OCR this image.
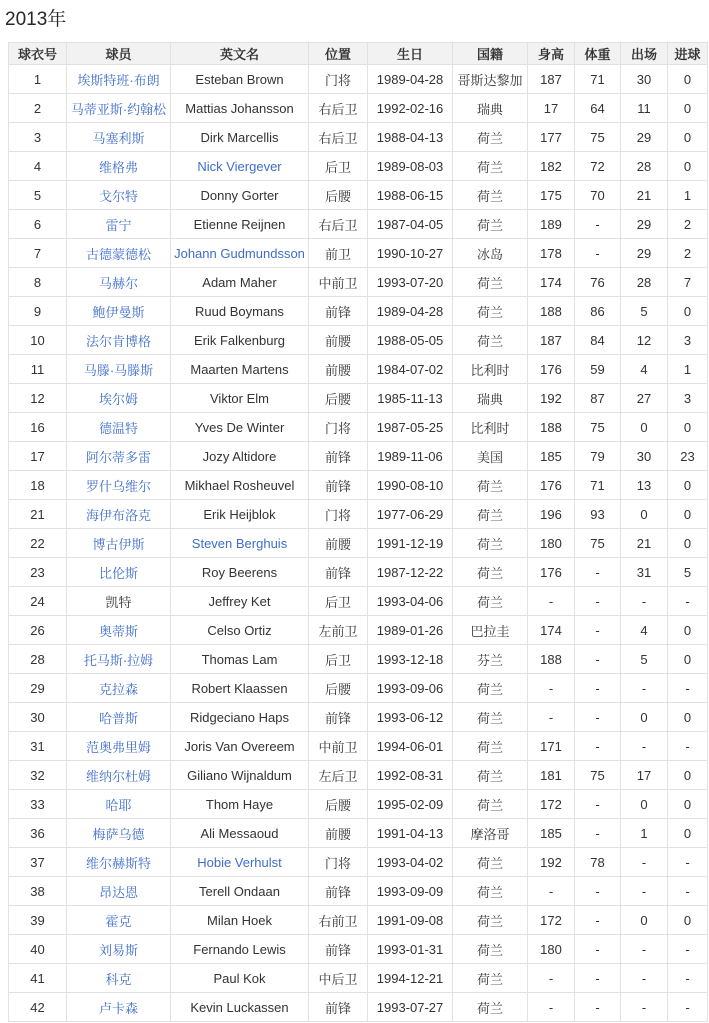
2013年
球衣号	球员	英文名	位置	生日	国籍	身高	体重	出场	进球
1	埃斯特班·布朗	Esteban Brown	门将	1989-04-28	哥斯达黎加	187	71	30	0
2	马蒂亚斯·约翰松	Mattias Johansson	右后卫	1992-02-16	瑞典	17	64	11	0
3	马塞利斯	Dirk Marcellis	右后卫	1988-04-13	荷兰	177	75	29	0
4	维格弗	Nick Viergever	后卫	1989-08-03	荷兰	182	72	28	0
5	戈尔特	Donny Gorter	后腰	1988-06-15	荷兰	175	70	21	1
6	雷宁	Etienne Reijnen	右后卫	1987-04-05	荷兰	189	-	29	2
7	古德蒙德松	Johann Gudmundsson	前卫	1990-10-27	冰岛	178	-	29	2
8	马赫尔	Adam Maher	中前卫	1993-07-20	荷兰	174	76	28	7
9	鲍伊曼斯	Ruud Boymans	前锋	1989-04-28	荷兰	188	86	5	0
10	法尔肯博格	Erik Falkenburg	前腰	1988-05-05	荷兰	187	84	12	3
11	马滕·马滕斯	Maarten Martens	前腰	1984-07-02	比利时	176	59	4	1
12	埃尔姆	Viktor Elm	后腰	1985-11-13	瑞典	192	87	27	3
16	德温特	Yves De Winter	门将	1987-05-25	比利时	188	75	0	0
17	阿尔蒂多雷	Jozy Altidore	前锋	1989-11-06	美国	185	79	30	23
18	罗什乌维尔	Mikhael Rosheuvel	前锋	1990-08-10	荷兰	176	71	13	0
21	海伊布洛克	Erik Heijblok	门将	1977-06-29	荷兰	196	93	0	0
22	博古伊斯	Steven Berghuis	前腰	1991-12-19	荷兰	180	75	21	0
23	比伦斯	Roy Beerens	前锋	1987-12-22	荷兰	176	-	31	5
24	凯特	Jeffrey Ket	后卫	1993-04-06	荷兰	-	-	-	-
26	奥蒂斯	Celso Ortiz	左前卫	1989-01-26	巴拉圭	174	-	4	0
28	托马斯·拉姆	Thomas Lam	后卫	1993-12-18	芬兰	188	-	5	0
29	克拉森	Robert Klaassen	后腰	1993-09-06	荷兰	-	-	-	-
30	哈普斯	Ridgeciano Haps	前锋	1993-06-12	荷兰	-	-	0	0
31	范奥弗里姆	Joris Van Overeem	中前卫	1994-06-01	荷兰	171	-	-	-
32	维纳尔杜姆	Giliano Wijnaldum	左后卫	1992-08-31	荷兰	181	75	17	0
33	哈耶	Thom Haye	后腰	1995-02-09	荷兰	172	-	0	0
36	梅萨乌德	Ali Messaoud	前腰	1991-04-13	摩洛哥	185	-	1	0
37	维尔赫斯特	Hobie Verhulst	门将	1993-04-02	荷兰	192	78	-	-
38	昂达恩	Terell Ondaan	前锋	1993-09-09	荷兰	-	-	-	-
39	霍克	Milan Hoek	右前卫	1991-09-08	荷兰	172	-	0	0
40	刘易斯	Fernando Lewis	前锋	1993-01-31	荷兰	180	-	-	-
41	科克	Paul Kok	中后卫	1994-12-21	荷兰	-	-	-	-
42	卢卡森	Kevin Luckassen	前锋	1993-07-27	荷兰	-	-	-	-
